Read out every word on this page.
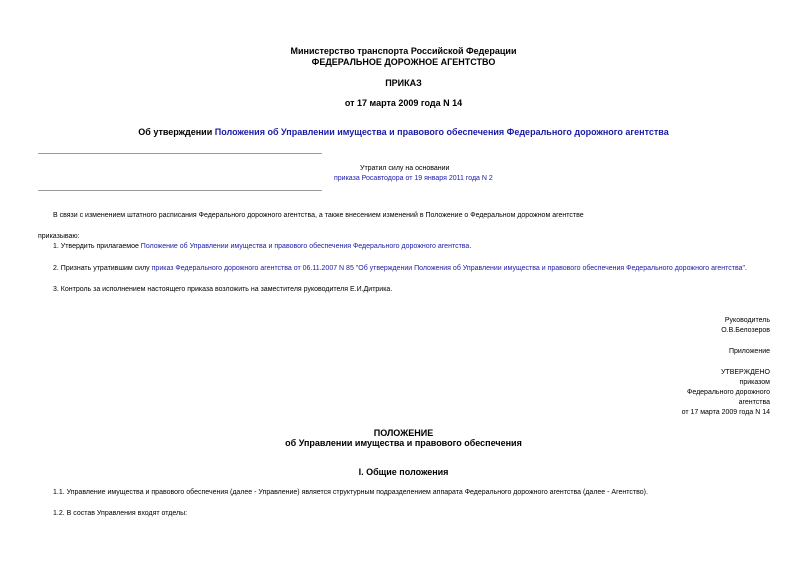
Министерство транспорта Российской Федерации
ФЕДЕРАЛЬНОЕ ДОРОЖНОЕ АГЕНТСТВО
ПРИКАЗ
от 17 марта 2009 года N 14
Об утверждении Положения об Управлении имущества и правового обеспечения Федерального дорожного агентства
Утратил силу на основании
приказа Росавтодора от 19 января 2011 года N 2
В связи с изменением штатного расписания Федерального дорожного агентства, а также внесением изменений в Положение о Федеральном дорожном агентстве
приказываю:
1. Утвердить прилагаемое Положение об Управлении имущества и правового обеспечения Федерального дорожного агентства.
2. Признать утратившим силу приказ Федерального дорожного агентства от 06.11.2007 N 85 "Об утверждении Положения об Управлении имущества и правового обеспечения Федерального дорожного агентства".
3. Контроль за исполнением настоящего приказа возложить на заместителя руководителя Е.И.Дитрика.
Руководитель
О.В.Белозеров
Приложение
УТВЕРЖДЕНО
приказом
Федерального дорожного
агентства
от 17 марта 2009 года N 14
ПОЛОЖЕНИЕ
об Управлении имущества и правового обеспечения
I. Общие положения
1.1. Управление имущества и правового обеспечения (далее - Управление) является структурным подразделением аппарата Федерального дорожного агентства (далее - Агентство).
1.2. В состав Управления входят отделы:
